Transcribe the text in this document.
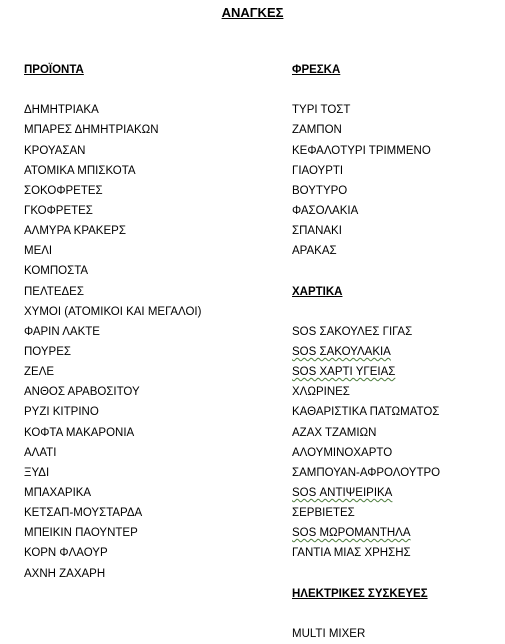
ΑΝΑΓΚΕΣ
ΠΡΟΪΟΝΤΑ
ΔΗΜΗΤΡΙΑΚΑ
ΜΠΑΡΕΣ ΔΗΜΗΤΡΙΑΚΩΝ
ΚΡΟΥΑΣΑΝ
ΑΤΟΜΙΚΑ ΜΠΙΣΚΟΤΑ
ΣΟΚΟΦΡΕΤΕΣ
ΓΚΟΦΡΕΤΕΣ
ΑΛΜΥΡΑ ΚΡΑΚΕΡΣ
ΜΕΛΙ
ΚΟΜΠΟΣΤΑ
ΠΕΛΤΕΔΕΣ
ΧΥΜΟΙ (ΑΤΟΜΙΚΟΙ ΚΑΙ ΜΕΓΑΛΟΙ)
ΦΑΡΙΝ ΛΑΚΤΕ
ΠΟΥΡΕΣ
ΖΕΛΕ
ΑΝΘΟΣ ΑΡΑΒΟΣΙΤΟΥ
ΡΥΖΙ ΚΙΤΡΙΝΟ
ΚΟΦΤΑ ΜΑΚΑΡΟΝΙΑ
ΑΛΑΤΙ
ΞΥΔΙ
ΜΠΑΧΑΡΙΚΑ
ΚΕΤΣΑΠ-ΜΟΥΣΤΑΡΔΑ
ΜΠΕΙΚΙΝ ΠΑΟΥΝΤΕΡ
ΚΟΡΝ ΦΛΑΟΥΡ
ΑΧΝΗ ΖΑΧΑΡΗ
ΦΡΕΣΚΑ
ΤΥΡΙ ΤΟΣΤ
ΖΑΜΠΟΝ
ΚΕΦΑΛΟΤΥΡΙ ΤΡΙΜΜΕΝΟ
ΓΙΑΟΥΡΤΙ
ΒΟΥΤΥΡΟ
ΦΑΣΟΛΑΚΙΑ
ΣΠΑΝΑΚΙ
ΑΡΑΚΑΣ
ΧΑΡΤΙΚΑ
SOS ΣΑΚΟΥΛΕΣ ΓΙΓΑΣ
SOS ΣΑΚΟΥΛΑΚΙΑ
SOS ΧΑΡΤΙ ΥΓΕΙΑΣ
ΧΛΩΡΙΝΕΣ
ΚΑΘΑΡΙΣΤΙΚΑ ΠΑΤΩΜΑΤΟΣ
ΑΖΑΧ ΤΖΑΜΙΩΝ
ΑΛΟΥΜΙΝΟΧΑΡΤΟ
ΣΑΜΠΟΥΑΝ-ΑΦΡΟΛΟΥΤΡΟ
SOS ΑΝΤΙΨΕΙΡΙΚΑ
ΣΕΡΒΙΕΤΕΣ
SOS ΜΩΡΟΜΑΝΤΗΛΑ
ΓΑΝΤΙΑ ΜΙΑΣ ΧΡΗΣΗΣ
ΗΛΕΚΤΡΙΚΕΣ ΣΥΣΚΕΥΕΣ
MULTI MIXER
